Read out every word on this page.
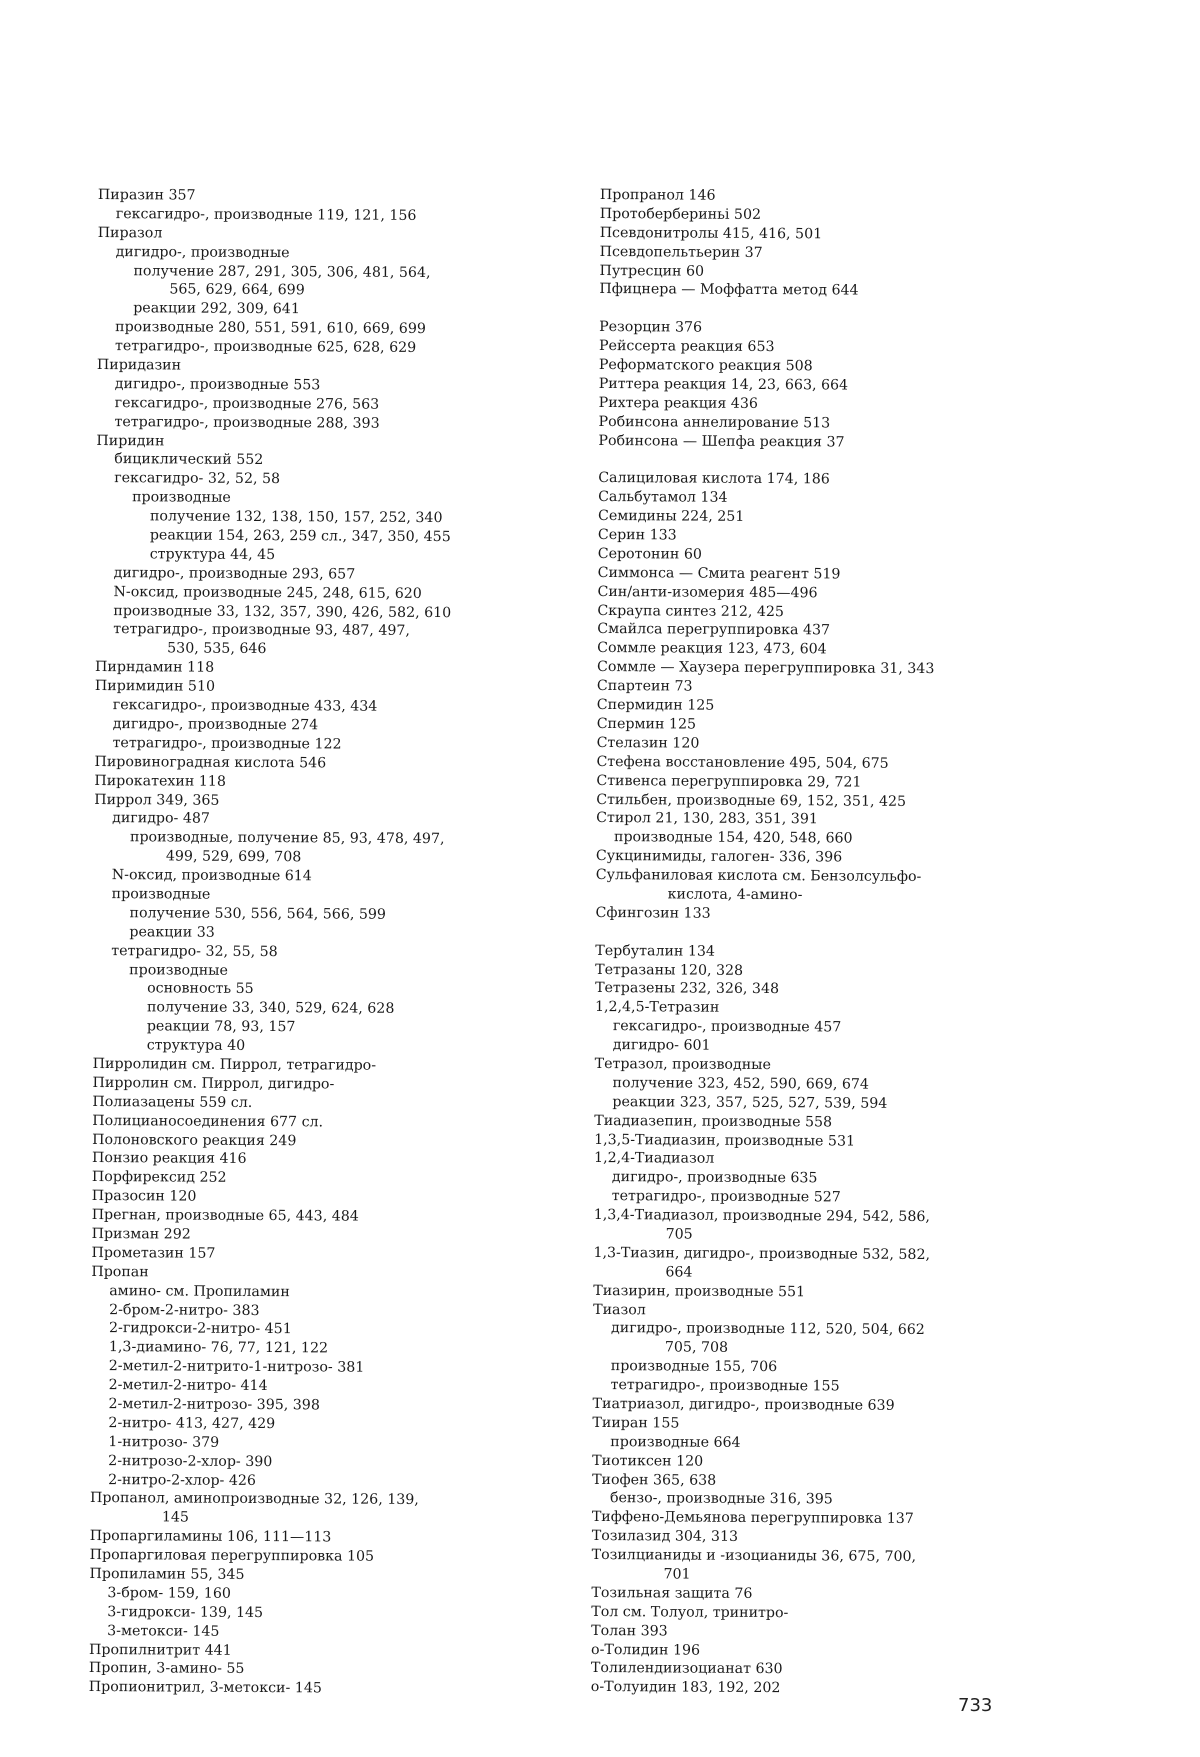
Пиразин 357
гексагидро-, производные 119, 121, 156
Пиразол
дигидро-, производные
получение 287, 291, 305, 306, 481, 564,
565, 629, 664, 699
реакции 292, 309, 641
производные 280, 551, 591, 610, 669, 699
тетрагидро-, производные 625, 628, 629
Пиридазин
дигидро-, производные 553
гексагидро-, производные 276, 563
тетрагидро-, производные 288, 393
Пиридин
бициклический 552
гексагидро- 32, 52, 58
производные
получение 132, 138, 150, 157, 252, 340
реакции 154, 263, 259 сл., 347, 350, 455
структура 44, 45
дигидро-, производные 293, 657
N-оксид, производные 245, 248, 615, 620
производные 33, 132, 357, 390, 426, 582, 610
тетрагидро-, производные 93, 487, 497,
530, 535, 646
Пирндамин 118
Пиримидин 510
гексагидро-, производные 433, 434
дигидро-, производные 274
тетрагидро-, производные 122
Пировиноградная кислота 546
Пирокатехин 118
Пиррол 349, 365
дигидро- 487
производные, получение 85, 93, 478, 497,
499, 529, 699, 708
N-оксид, производные 614
производные
получение 530, 556, 564, 566, 599
реакции 33
тетрагидро- 32, 55, 58
производные
основность 55
получение 33, 340, 529, 624, 628
реакции 78, 93, 157
структура 40
Пирролидин см. Пиррол, тетрагидро-
Пирролин см. Пиррол, дигидро-
Полиазацены 559 сл.
Полицианосоединения 677 сл.
Полоновского реакция 249
Понзио реакция 416
Порфирексид 252
Празосин 120
Прегнан, производные 65, 443, 484
Призман 292
Прометазин 157
Пропан
амино- см. Пропиламин
2-бром-2-нитро- 383
2-гидрокси-2-нитро- 451
1,3-диамино- 76, 77, 121, 122
2-метил-2-нитрито-1-нитрозо- 381
2-метил-2-нитро- 414
2-метил-2-нитрозо- 395, 398
2-нитро- 413, 427, 429
1-нитрозо- 379
2-нитрозо-2-хлор- 390
2-нитро-2-хлор- 426
Пропанол, аминопроизводные 32, 126, 139,
145
Пропаргиламины 106, 111—113
Пропаргиловая перегруппировка 105
Пропиламин 55, 345
3-бром- 159, 160
3-гидрокси- 139, 145
3-метокси- 145
Пропилнитрит 441
Пропин, 3-амино- 55
Пропионитрил, 3-метокси- 145
Пропранол 146
Протобербериньі 502
Псевдонитролы 415, 416, 501
Псевдопельтьерин 37
Путресцин 60
Пфицнера — Моффатта метод 644
Резорцин 376
Рейссерта реакция 653
Реформатского реакция 508
Риттера реакция 14, 23, 663, 664
Рихтера реакция 436
Робинсона аннелирование 513
Робинсона — Шепфа реакция 37
Салициловая кислота 174, 186
Сальбутамол 134
Семидины 224, 251
Серин 133
Серотонин 60
Симмонса — Смита реагент 519
Син/анти-изомерия 485—496
Скраупа синтез 212, 425
Смайлса перегруппировка 437
Соммле реакция 123, 473, 604
Соммле — Хаузера перегруппировка 31, 343
Спартеин 73
Спермидин 125
Спермин 125
Стелазин 120
Стефена восстановление 495, 504, 675
Стивенса перегруппировка 29, 721
Стильбен, производные 69, 152, 351, 425
Стирол 21, 130, 283, 351, 391
производные 154, 420, 548, 660
Сукцинимиды, галоген- 336, 396
Сульфаниловая кислота см. Бензолсульфо-
кислота, 4-амино-
Сфингозин 133
Тербуталин 134
Тетразаны 120, 328
Тетразены 232, 326, 348
1,2,4,5-Тетразин
гексагидро-, производные 457
дигидро- 601
Тетразол, производные
получение 323, 452, 590, 669, 674
реакции 323, 357, 525, 527, 539, 594
Тиадиазепин, производные 558
1,3,5-Тиадиазин, производные 531
1,2,4-Тиадиазол
дигидро-, производные 635
тетрагидро-, производные 527
1,3,4-Тиадиазол, производные 294, 542, 586,
705
1,3-Тиазин, дигидро-, производные 532, 582,
664
Тиазирин, производные 551
Тиазол
дигидро-, производные 112, 520, 504, 662
705, 708
производные 155, 706
тетрагидро-, производные 155
Тиатриазол, дигидро-, производные 639
Тииран 155
производные 664
Тиотиксен 120
Тиофен 365, 638
бензо-, производные 316, 395
Тиффено-Демьянова перегруппировка 137
Тозилазид 304, 313
Тозилцианиды и -изоцианиды 36, 675, 700,
701
Тозильная защита 76
Тол см. Толуол, тринитро-
Толан 393
о-Толидин 196
Толилендиизоцианат 630
о-Толуидин 183, 192, 202
733
